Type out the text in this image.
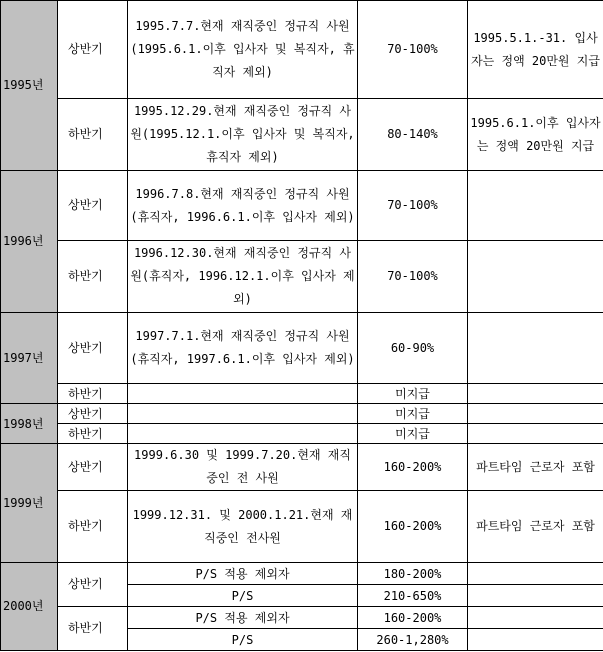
1995년	상반기	1995.7.7.현재 재직중인 정규직 사원(1995.6.1.이후 입사자 및 복직자, 휴직자 제외)	70-100%	1995.5.1.-31. 입사자는 정액 20만원 지급
	하반기	1995.12.29.현재 재직중인 정규직 사원(1995.12.1.이후 입사자 및 복직자, 휴직자 제외)	80-140%	1995.6.1.이후 입사자는 정액 20만원 지급
1996년	상반기	1996.7.8.현재 재직중인 정규직 사원(휴직자, 1996.6.1.이후 입사자 제외)	70-100%	
	하반기	1996.12.30.현재 재직중인 정규직 사원(휴직자, 1996.12.1.이후 입사자 제외)	70-100%	
1997년	상반기	1997.7.1.현재 재직중인 정규직 사원(휴직자, 1997.6.1.이후 입사자 제외)	60-90%	
	하반기		미지급	
1998년	상반기		미지급	
	하반기		미지급	
1999년	상반기	1999.6.30 및 1999.7.20.현재 재직중인 전 사원	160-200%	파트타임 근로자 포함
	하반기	1999.12.31. 및 2000.1.21.현재 재직중인 전사원	160-200%	파트타임 근로자 포함
2000년	상반기	P/S 적용 제외자	180-200%	
		P/S	210-650%	
	하반기	P/S 적용 제외자	160-200%	
		P/S	260-1,280%	
